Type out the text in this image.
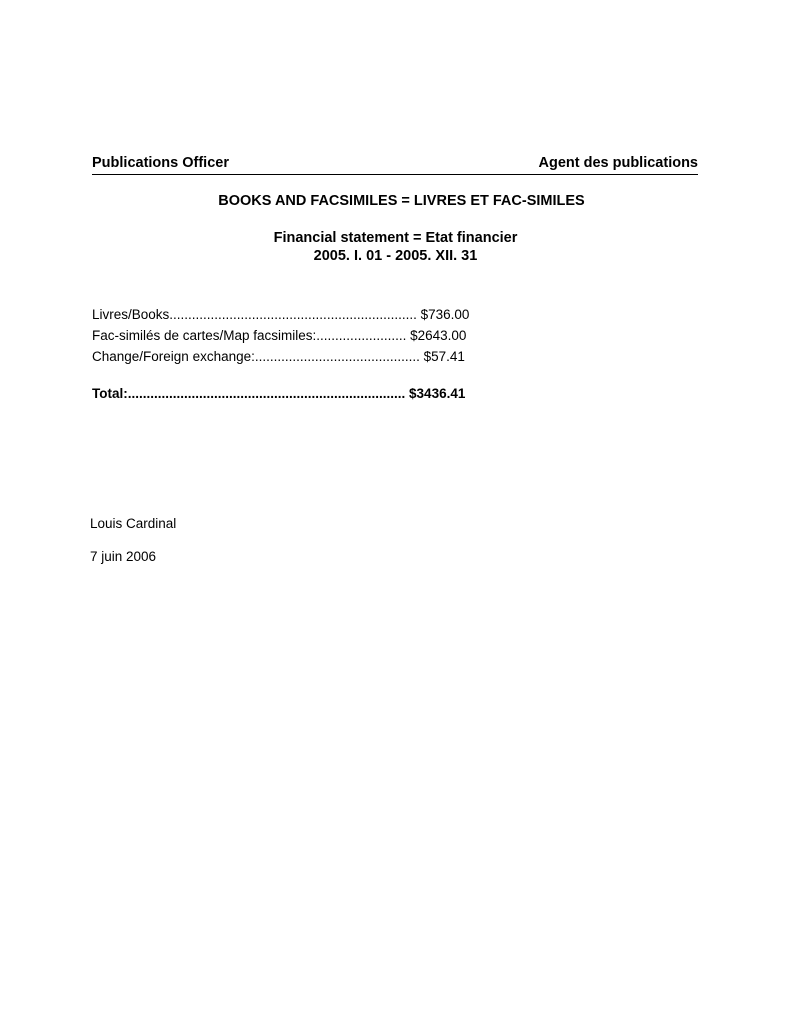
Publications Officer	Agent des publications
BOOKS AND FACSIMILES = LIVRES ET FAC-SIMILES
Financial statement = Etat financier
2005. I. 01 - 2005. XII. 31
Livres/Books.................................................................. $736.00
Fac-similés de cartes/Map facsimiles:........................ $2643.00
Change/Foreign exchange:............................................ $57.41
Total:.......................................................................... $3436.41
Louis Cardinal
7 juin 2006
